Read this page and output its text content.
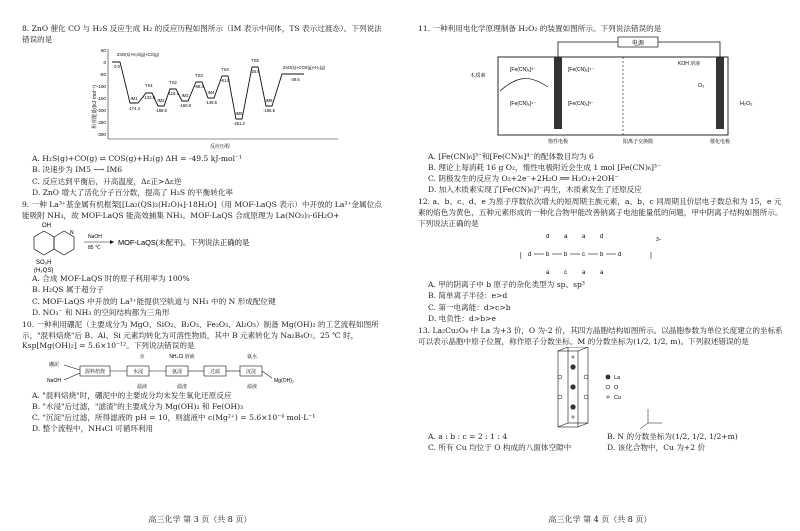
8. ZnO 催化 CO 与 H₂S 反应生成 H₂ 的反应历程如图所示（IM 表示中间体，TS 表示过渡态）。下列说法错误的是

相对能量/(kJ·mol⁻¹)
50
0
-50
-100
-150
-200
-250
-300
ZnO(s)+H₂S(g)+CO(g)
0.0
IM1
-174.4
TS1
-133.8
IM2
-188.6
TS2
-116.1 IM3
-160.8
TS3
-88.3
IM4
-149.6
TS4
-61.6
IM5
-251.2
TS5
-25.6
IM6
-196.5
ZnO(s)+COS(g)+H₂(g)
-49.5
反应历程

A. H₂S(g)+CO(g) ⇌ COS(g)+H₂(g) ΔH = -49.5 kJ·mol⁻¹

B. 决速步为 IM5 ⟶ IM6

C. 反应达到平衡后，升高温度，Δε正>Δε逆

D. ZnO 增大了活化分子百分数，提高了 H₂S 的平衡转化率

9. 一种 La³⁺基金属有机框架[[La₂(QS)₂(H₂O)₄]·18H₂O]（用 MOF-LaQS 表示）中开放的 La³⁺金属位点能吸附 NH₃，故 MOF-LaQS 能高效捕集 NH₃。MOF-LaQS 合成原理为 La(NO₃)₃·6H₂O+

OH
N
SO₃H
(H₂QS)
NaOH
85 ℃
MOF-LaQS(未配平)。下列说法正确的是

A. 合成 MOF-LaQS 时的原子利用率为 100%

B. H₂QS 属于超分子

C. MOF-LaQS 中开放的 La³⁺能提供空轨道与 NH₃ 中的 N 形成配位键

D. NO₃⁻ 和 NH₃ 的空间结构都为三角形

10. 一种利用硼泥（主要成分为 MgO、SiO₂、B₂O₃、Fe₂O₃、Al₂O₃）制备 Mg(OH)₂ 的工艺流程如图所示，"混料焙烧"后 B、Al、Si 元素均转化为可溶性物质，其中 B 元素转化为 Na₂B₄O₇。25 ℃ 时，Ksp[Mg(OH)₂] = 5.6×10⁻¹²。下列说法错误的是

硼泥
NaOH
水	NH₄Cl 溶液	氨水
滤液	滤渣	滤液
Mg(OH)₂
混料焙烧	水浸	氨浸	过滤	沉淀

A. "混料焙烧"时，硼泥中的主要成分均未发生氧化还原反应

B. "水浸"后过滤，"滤渣"的主要成分为 Mg(OH)₂ 和 Fe(OH)₃

C. "沉淀"后过滤，所得滤液的 pH = 10，则滤液中 c(Mg²⁺) = 5.6×10⁻⁴ mol·L⁻¹

D. 整个流程中，NH₄Cl 可循环利用

高三化学 第 3 页（共 8 页）

11. 一种利用电化学原理制备 H₂O₂ 的装置如图所示。下列说法错误的是

电源
木质素
[Fe(CN)₆]³⁻
[Fe(CN)₆]⁴⁻
[Fe(CN)₆]⁴⁻
[Fe(CN)₆]³⁻
KOH 溶液
O₂
H₂O₂
惰性电极	阳离子交换膜	催化电极

A. [Fe(CN)₆]³⁻和[Fe(CN)₆]⁴⁻的配体数目均为 6

B. 理论上每消耗 16 g O₂，惰性电极附近会生成 1 mol [Fe(CN)₆]³⁻

C. 阴极发生的反应为 O₂+2e⁻+2H₂O ══ H₂O₂+2OH⁻

D. 加入木质素实现了[Fe(CN)₆]³⁻再生，木质素发生了还原反应

12. a、b、c、d、e 为原子序数依次增大的短周期主族元素，a、b、c 同周期且价层电子数总和为 15，e 元素的焰色为黄色，五种元素形成的一种化合物甲能改善钠离子电池能量低的问题，甲中阴离子结构如图所示。下列说法正确的是

[	]
3−
d b b c	b d
d a a d
a c	a a

A. 甲的阴离子中 b 原子的杂化类型为 sp、sp³

B. 简单离子半径：e>d

C. 第一电离能：d>c>b

D. 电负性：d>b>e

13. La₂Cu₂O₄ 中 La 为+3 价，O 为-2 价，其四方晶胞结构如图所示。以晶胞参数为单位长度建立的坐标系可以表示晶胞中原子位置，称作原子分数坐标。M 的分数坐标为(1/2, 1/2, m)。下列叙述错误的是

La
O
Cu

A. a : b : c = 2 : 1 : 4	B. N 的分数坐标为(1/2, 1/2, 1/2+m)

C. 所有 Cu 均位于 O 构成的八面体空隙中	D. 该化合物中，Cu 为+2 价

高三化学 第 4 页（共 8 页）
